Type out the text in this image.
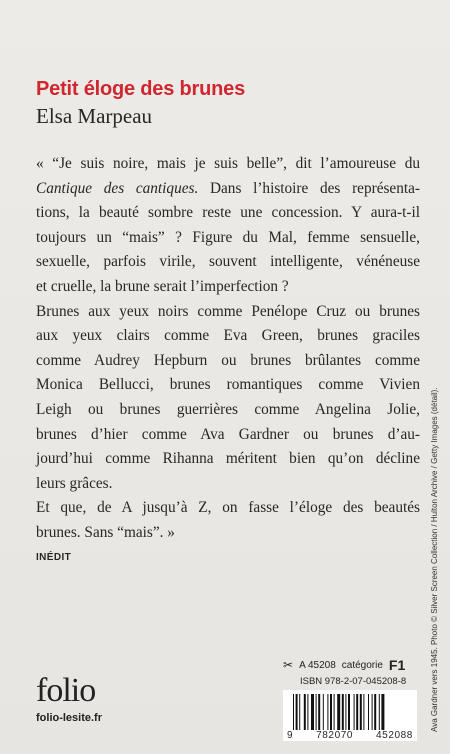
Petit éloge des brunes
Elsa Marpeau
« “Je suis noire, mais je suis belle”, dit l’amoureuse du
Cantique des cantiques. Dans l’histoire des représenta-
tions, la beauté sombre reste une concession. Y aura-t-il
toujours un “mais” ? Figure du Mal, femme sensuelle,
sexuelle, parfois virile, souvent intelligente, vénéneuse
et cruelle, la brune serait l’imperfection ?
Brunes aux yeux noirs comme Penélope Cruz ou brunes
aux yeux clairs comme Eva Green, brunes graciles
comme Audrey Hepburn ou brunes brûlantes comme
Monica Bellucci, brunes romantiques comme Vivien
Leigh ou brunes guerrières comme Angelina Jolie,
brunes d’hier comme Ava Gardner ou brunes d’au-
jourd’hui comme Rihanna méritent bien qu’on décline
leurs grâces.
Et que, de A jusqu’à Z, on fasse l’éloge des beautés
brunes. Sans “mais”. »
INÉDIT
folio
folio-lesite.fr
✂ A 45208 catégorie F1
ISBN 978-2-07-045208-8
9 782070 452088
Ava Gardner vers 1945. Photo © Silver Screen Collection / Hulton Archive / Getty Images (détail).
